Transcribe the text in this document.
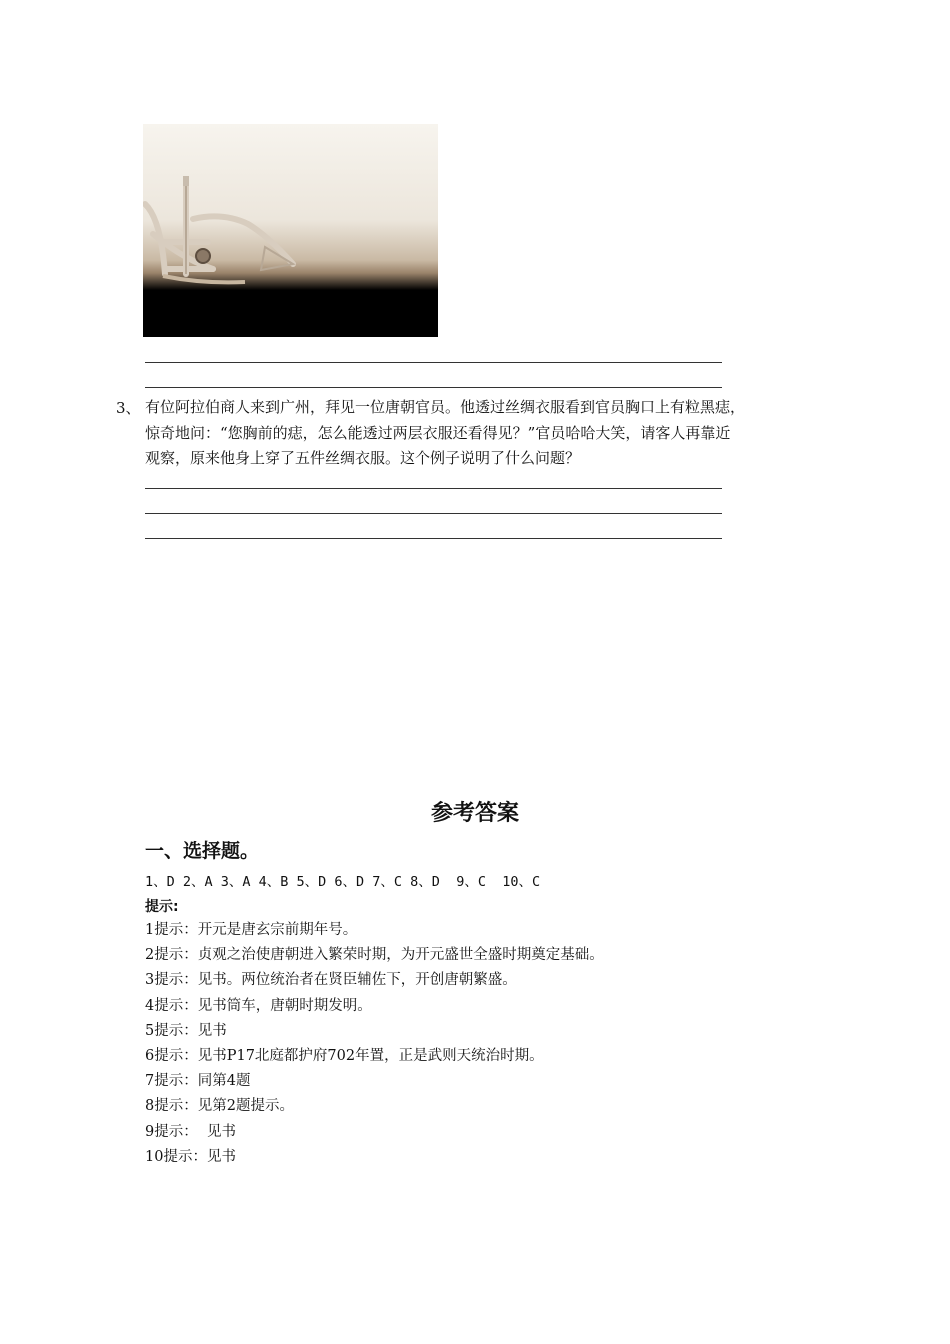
3、 有位阿拉伯商人来到广州，拜见一位唐朝官员。他透过丝绸衣服看到官员胸口上有粒黑痣，
惊奇地问：“您胸前的痣，怎么能透过两层衣服还看得见？”官员哈哈大笑，请客人再靠近
观察，原来他身上穿了五件丝绸衣服。这个例子说明了什么问题？

参考答案
一、选择题。
1、D 2、A 3、A 4、B 5、D 6、D 7、C 8、D  9、C  10、C
提示:
1提示：开元是唐玄宗前期年号。
2提示：贞观之治使唐朝进入繁荣时期，为开元盛世全盛时期奠定基础。
3提示：见书。两位统治者在贤臣辅佐下，开创唐朝繁盛。
4提示：见书筒车，唐朝时期发明。
5提示：见书
6提示：见书P17北庭都护府702年置，正是武则天统治时期。
7提示：同第4题
8提示：见第2题提示。
9提示：  见书
10提示：见书
